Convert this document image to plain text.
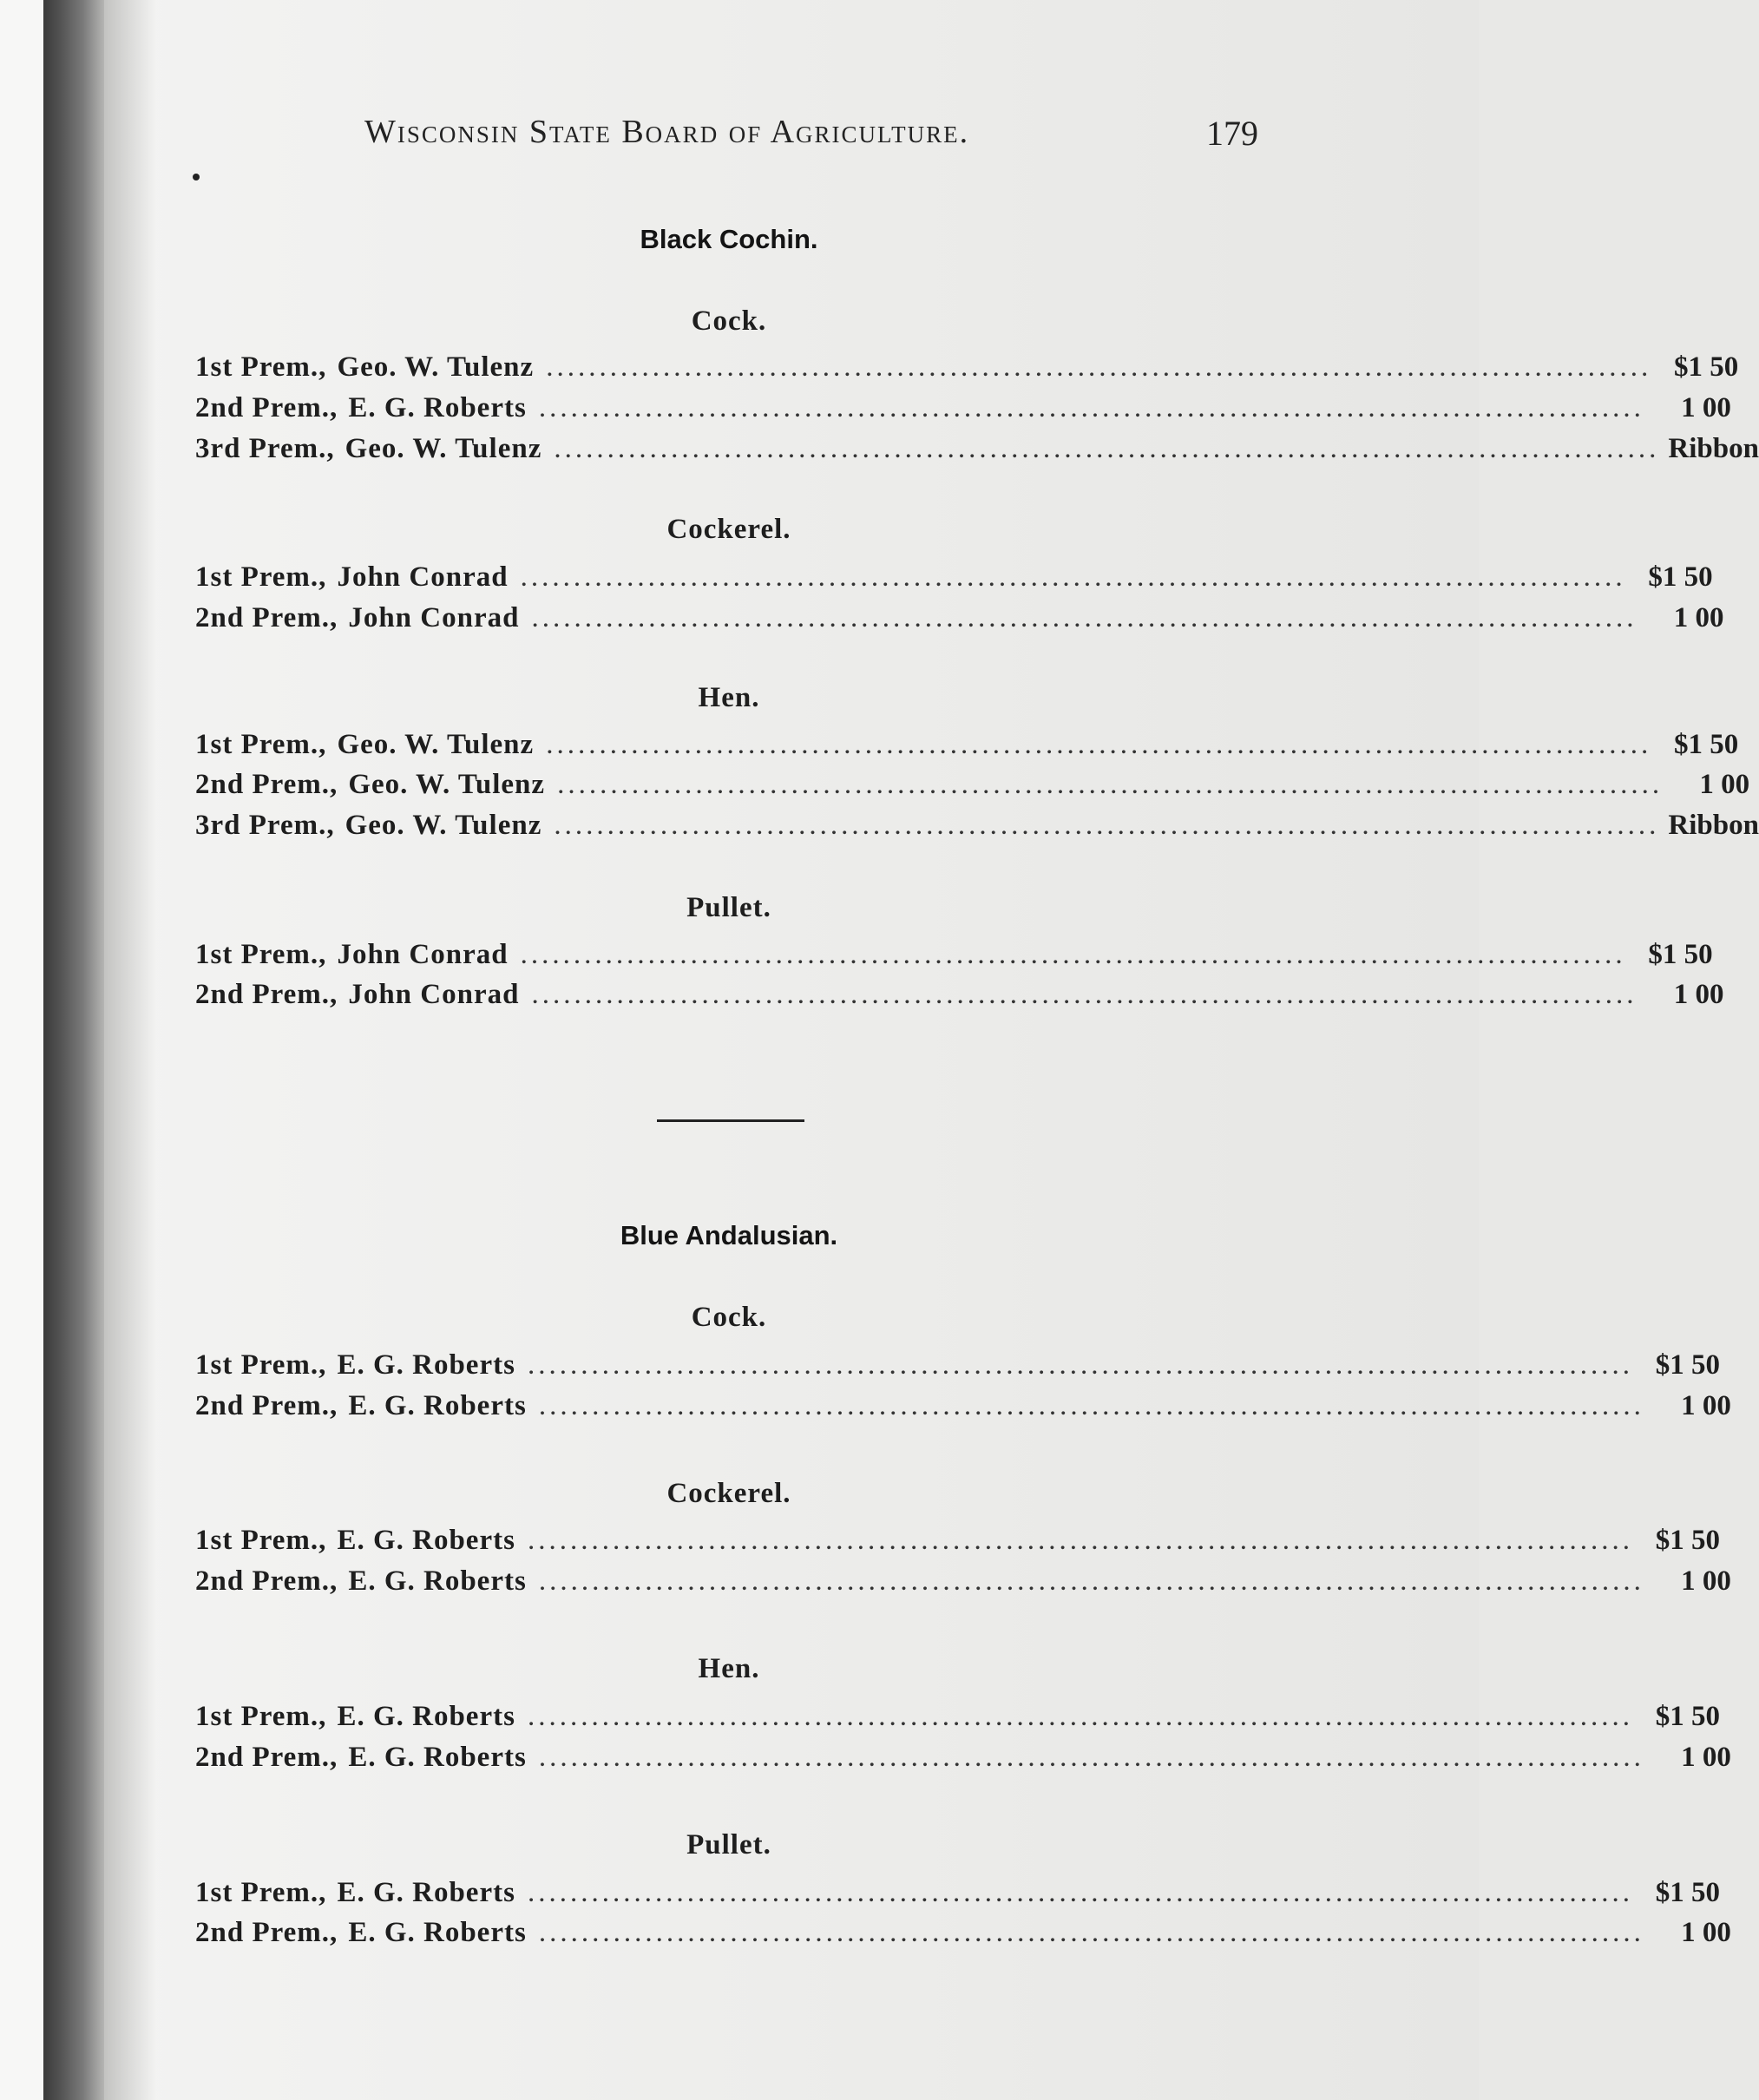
Wisconsin State Board of Agriculture.	179
Black Cochin.
Cock.
1st Prem., Geo. W. Tulenz ........................................................................................................ $1 50
2nd Prem., E. G. Roberts ........................................................................................................	1 00
3rd Prem., Geo. W. Tulenz ........................................................................................................ Ribbon
Cockerel.
1st Prem., John Conrad ........................................................................................................ $1 50
2nd Prem., John Conrad ........................................................................................................	1 00
Hen.
1st Prem., Geo. W. Tulenz ........................................................................................................ $1 50
2nd Prem., Geo. W. Tulenz ........................................................................................................	1 00
3rd Prem., Geo. W. Tulenz ........................................................................................................ Ribbon
Pullet.
1st Prem., John Conrad ........................................................................................................ $1 50
2nd Prem., John Conrad ........................................................................................................	1 00
Blue Andalusian.
Cock.
1st Prem., E. G. Roberts ........................................................................................................ $1 50
2nd Prem., E. G. Roberts ........................................................................................................	1 00
Cockerel.
1st Prem., E. G. Roberts ........................................................................................................ $1 50
2nd Prem., E. G. Roberts ........................................................................................................	1 00
Hen.
1st Prem., E. G. Roberts ........................................................................................................ $1 50
2nd Prem., E. G. Roberts ........................................................................................................	1 00
Pullet.
1st Prem., E. G. Roberts ........................................................................................................ $1 50
2nd Prem., E. G. Roberts ........................................................................................................	1 00
